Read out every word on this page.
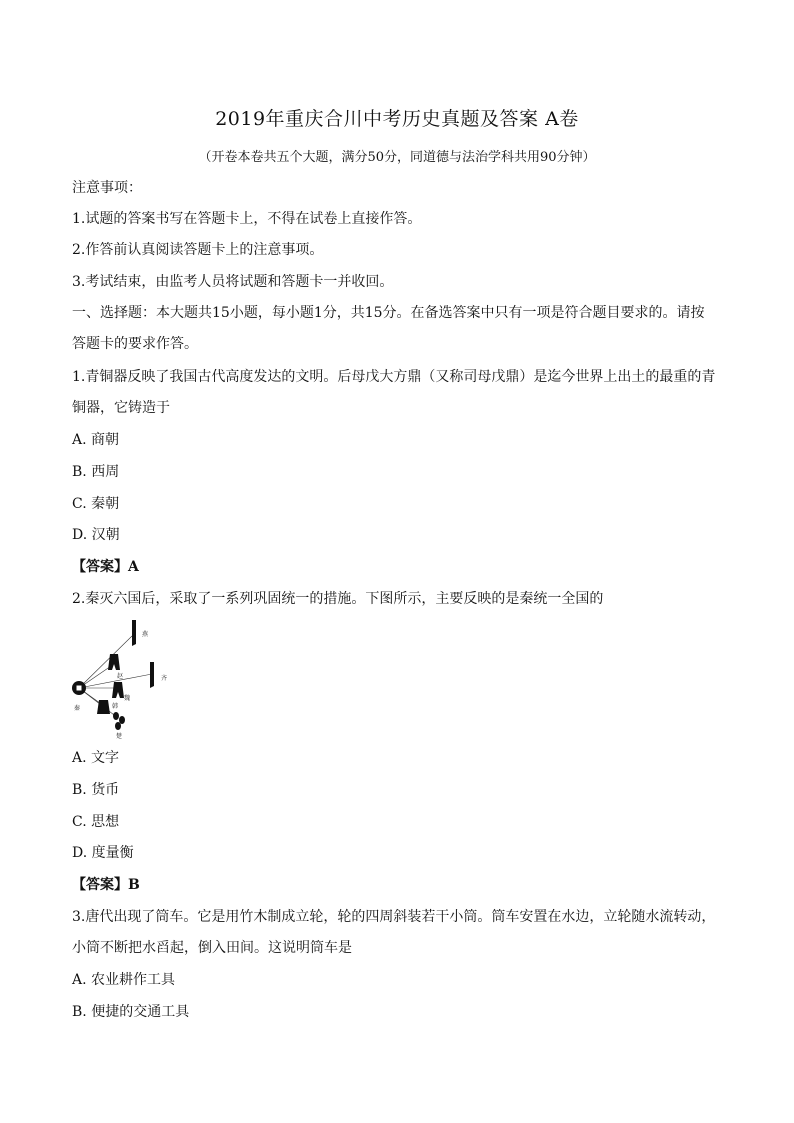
2019年重庆合川中考历史真题及答案 A卷
（开卷本卷共五个大题，满分50分，同道德与法治学科共用90分钟）
注意事项：
1.试题的答案书写在答题卡上，不得在试卷上直接作答。
2.作答前认真阅读答题卡上的注意事项。
3.考试结束，由监考人员将试题和答题卡一并收回。
一、选择题：本大题共15小题，每小题1分，共15分。在备选答案中只有一项是符合题目要求的。请按
答题卡的要求作答。
1.青铜器反映了我国古代高度发达的文明。后母戊大方鼎（又称司母戊鼎）是迄今世界上出土的最重的青
铜器，它铸造于
A. 商朝
B. 西周
C. 秦朝
D. 汉朝
【答案】A
2.秦灭六国后，采取了一系列巩固统一的措施。下图所示，主要反映的是秦统一全国的
燕
齐
赵
魏
韩
楚
秦
A. 文字
B. 货币
C. 思想
D. 度量衡
【答案】B
3.唐代出现了筒车。它是用竹木制成立轮，轮的四周斜装若干小筒。筒车安置在水边，立轮随水流转动，
小筒不断把水舀起，倒入田间。这说明筒车是
A. 农业耕作工具
B. 便捷的交通工具
